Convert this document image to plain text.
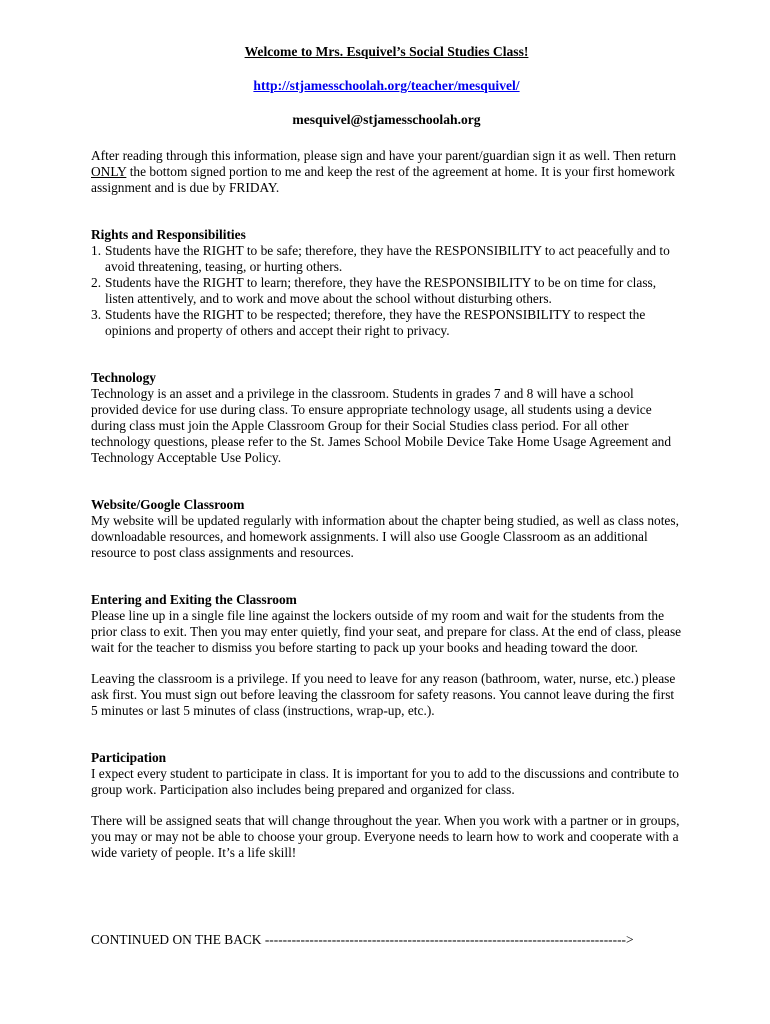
Welcome to Mrs. Esquivel’s Social Studies Class!

http://stjamesschoolah.org/teacher/mesquivel/

mesquivel@stjamesschoolah.org

After reading through this information, please sign and have your parent/guardian sign it as well. Then return ONLY the bottom signed portion to me and keep the rest of the agreement at home. It is your first homework assignment and is due by FRIDAY.

Rights and Responsibilities

1. Students have the RIGHT to be safe; therefore, they have the RESPONSIBILITY to act peacefully and to avoid threatening, teasing, or hurting others.
2. Students have the RIGHT to learn; therefore, they have the RESPONSIBILITY to be on time for class, listen attentively, and to work and move about the school without disturbing others.
3. Students have the RIGHT to be respected; therefore, they have the RESPONSIBILITY to respect the opinions and property of others and accept their right to privacy.

Technology

Technology is an asset and a privilege in the classroom. Students in grades 7 and 8 will have a school provided device for use during class. To ensure appropriate technology usage, all students using a device during class must join the Apple Classroom Group for their Social Studies class period. For all other technology questions, please refer to the St. James School Mobile Device Take Home Usage Agreement and Technology Acceptable Use Policy.

Website/Google Classroom

My website will be updated regularly with information about the chapter being studied, as well as class notes, downloadable resources, and homework assignments. I will also use Google Classroom as an additional resource to post class assignments and resources.

Entering and Exiting the Classroom

Please line up in a single file line against the lockers outside of my room and wait for the students from the prior class to exit. Then you may enter quietly, find your seat, and prepare for class. At the end of class, please wait for the teacher to dismiss you before starting to pack up your books and heading toward the door.

Leaving the classroom is a privilege. If you need to leave for any reason (bathroom, water, nurse, etc.) please ask first. You must sign out before leaving the classroom for safety reasons. You cannot leave during the first 5 minutes or last 5 minutes of class (instructions, wrap-up, etc.).

Participation

I expect every student to participate in class. It is important for you to add to the discussions and contribute to group work. Participation also includes being prepared and organized for class.

There will be assigned seats that will change throughout the year. When you work with a partner or in groups, you may or may not be able to choose your group. Everyone needs to learn how to work and cooperate with a wide variety of people. It’s a life skill!

CONTINUED ON THE BACK --------------------------------------------------------------------------------->
